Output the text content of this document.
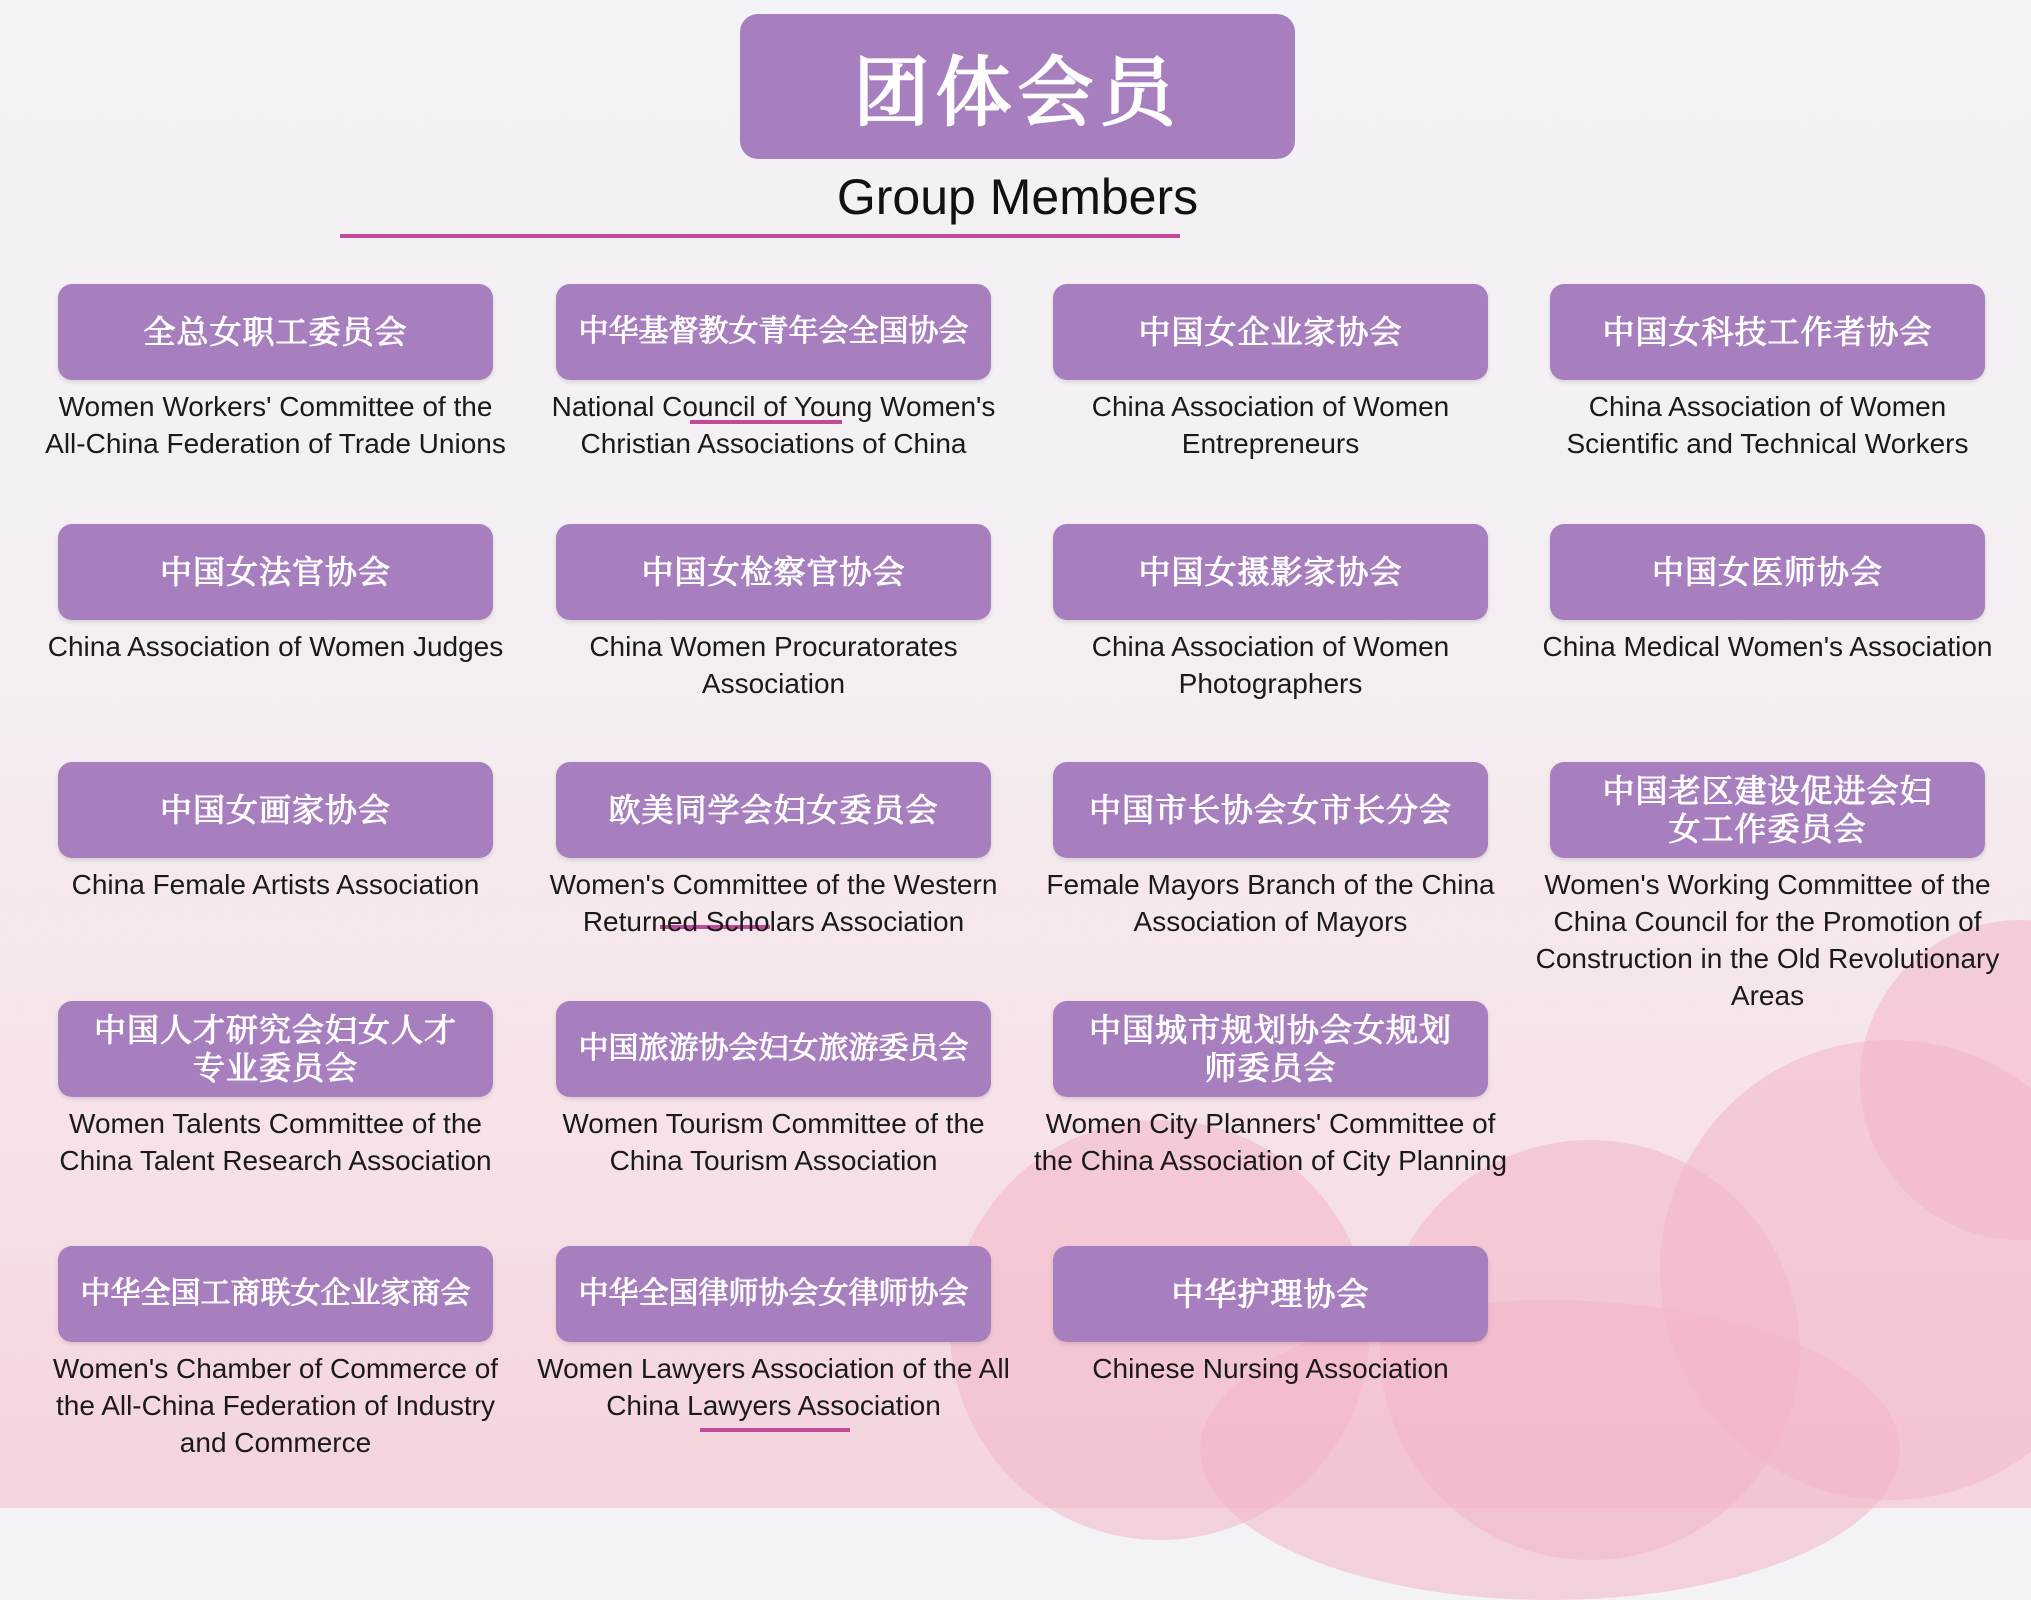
团体会员
Group Members
全总女职工委员会
Women Workers' Committee of the All-China Federation of Trade Unions
中华基督教女青年会全国协会
National Council of Young Women's Christian Associations of China
中国女企业家协会
China Association of Women Entrepreneurs
中国女科技工作者协会
China Association of Women Scientific and Technical Workers
中国女法官协会
China Association of Women Judges
中国女检察官协会
China Women Procuratorates Association
中国女摄影家协会
China Association of Women Photographers
中国女医师协会
China Medical Women's Association
中国女画家协会
China Female Artists Association
欧美同学会妇女委员会
Women's Committee of the Western Returned Scholars Association
中国市长协会女市长分会
Female Mayors Branch of the China Association of Mayors
中国老区建设促进会妇女工作委员会
Women's Working Committee of the China Council for the Promotion of Construction in the Old Revolutionary Areas
中国人才研究会妇女人才专业委员会
Women Talents Committee of the China Talent Research Association
中国旅游协会妇女旅游委员会
Women Tourism Committee of the China Tourism Association
中国城市规划协会女规划师委员会
Women City Planners' Committee of the China Association of City Planning
中华全国工商联女企业家商会
Women's Chamber of Commerce of the All-China Federation of Industry and Commerce
中华全国律师协会女律师协会
Women Lawyers Association of the All China Lawyers Association
中华护理协会
Chinese Nursing Association
